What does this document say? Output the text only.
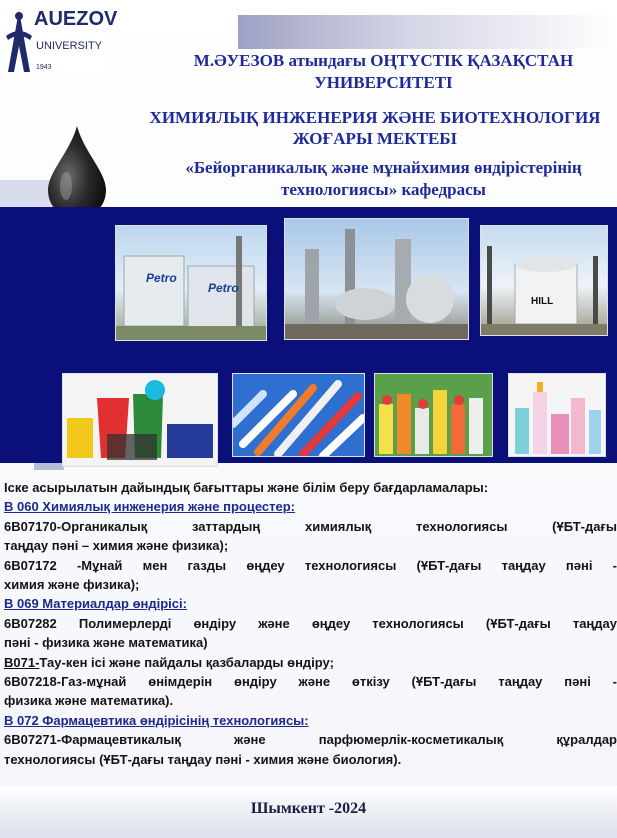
AUEZOV
UNIVERSITY
1943	М.ӘУЕЗОВ атындағы ОҢТҮСТІК ҚАЗАҚСТАН
УНИВЕРСИТЕТІ
ХИМИЯЛЫҚ ИНЖЕНЕРИЯ ЖӘНЕ БИОТЕХНОЛОГИЯ
ЖОҒАРЫ МЕКТЕБІ
«Бейорганикалық және мұнайхимия өндірістерінің
технологиясы» кафедрасы
Petro
Petro
HILL
Іске асырылатын дайындық бағыттары және білім беру бағдарламалары:
В 060 Химиялық инженерия және процестер:
6В07170-Органикалық заттардың химиялық технологиясы (ҰБТ-дағы
таңдау пәні – химия және физика);
6В07172 -Мұнай мен газды өңдеу технологиясы (ҰБТ-дағы таңдау пәні -
химия және физика);
В 069 Материалдар өндірісі:
6В07282 Полимерлерді өндіру және өңдеу технологиясы (ҰБТ-дағы таңдау
пәні - физика және математика)
В071-Тау-кен ісі және пайдалы қазбаларды өндіру;
6В07218-Газ-мұнай өнімдерін өндіру және өткізу (ҰБТ-дағы таңдау пәні -
физика және математика).
В 072 Фармацевтика өндірісінің технологиясы:
6В07271-Фармацевтикалық және парфюмерлік-косметикалық құралдар
технологиясы (ҰБТ-дағы таңдау пәні - химия және биология).
Шымкент -2024
